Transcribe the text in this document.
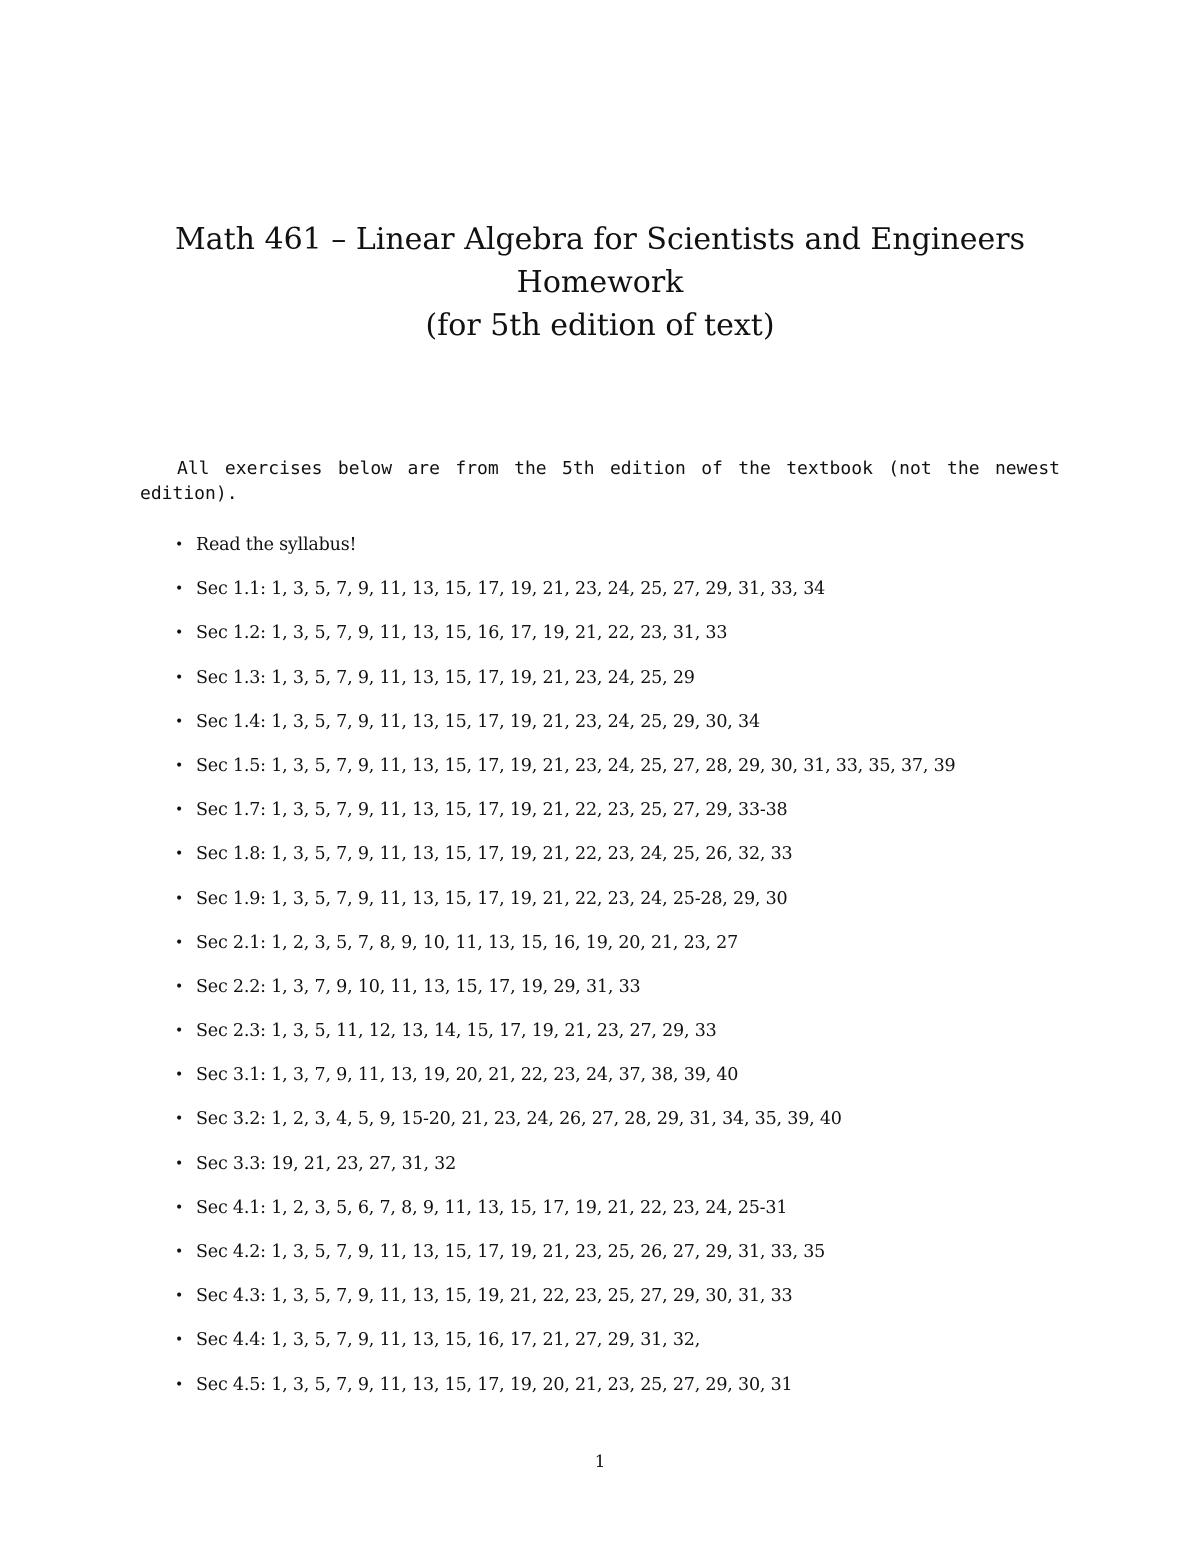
Math 461 – Linear Algebra for Scientists and Engineers
Homework
(for 5th edition of text)

All exercises below are from the 5th edition of the textbook (not the newest edition).

• Read the syllabus!
• Sec 1.1: 1, 3, 5, 7, 9, 11, 13, 15, 17, 19, 21, 23, 24, 25, 27, 29, 31, 33, 34
• Sec 1.2: 1, 3, 5, 7, 9, 11, 13, 15, 16, 17, 19, 21, 22, 23, 31, 33
• Sec 1.3: 1, 3, 5, 7, 9, 11, 13, 15, 17, 19, 21, 23, 24, 25, 29
• Sec 1.4: 1, 3, 5, 7, 9, 11, 13, 15, 17, 19, 21, 23, 24, 25, 29, 30, 34
• Sec 1.5: 1, 3, 5, 7, 9, 11, 13, 15, 17, 19, 21, 23, 24, 25, 27, 28, 29, 30, 31, 33, 35, 37, 39
• Sec 1.7: 1, 3, 5, 7, 9, 11, 13, 15, 17, 19, 21, 22, 23, 25, 27, 29, 33-38
• Sec 1.8: 1, 3, 5, 7, 9, 11, 13, 15, 17, 19, 21, 22, 23, 24, 25, 26, 32, 33
• Sec 1.9: 1, 3, 5, 7, 9, 11, 13, 15, 17, 19, 21, 22, 23, 24, 25-28, 29, 30
• Sec 2.1: 1, 2, 3, 5, 7, 8, 9, 10, 11, 13, 15, 16, 19, 20, 21, 23, 27
• Sec 2.2: 1, 3, 7, 9, 10, 11, 13, 15, 17, 19, 29, 31, 33
• Sec 2.3: 1, 3, 5, 11, 12, 13, 14, 15, 17, 19, 21, 23, 27, 29, 33
• Sec 3.1: 1, 3, 7, 9, 11, 13, 19, 20, 21, 22, 23, 24, 37, 38, 39, 40
• Sec 3.2: 1, 2, 3, 4, 5, 9, 15-20, 21, 23, 24, 26, 27, 28, 29, 31, 34, 35, 39, 40
• Sec 3.3: 19, 21, 23, 27, 31, 32
• Sec 4.1: 1, 2, 3, 5, 6, 7, 8, 9, 11, 13, 15, 17, 19, 21, 22, 23, 24, 25-31
• Sec 4.2: 1, 3, 5, 7, 9, 11, 13, 15, 17, 19, 21, 23, 25, 26, 27, 29, 31, 33, 35
• Sec 4.3: 1, 3, 5, 7, 9, 11, 13, 15, 19, 21, 22, 23, 25, 27, 29, 30, 31, 33
• Sec 4.4: 1, 3, 5, 7, 9, 11, 13, 15, 16, 17, 21, 27, 29, 31, 32,
• Sec 4.5: 1, 3, 5, 7, 9, 11, 13, 15, 17, 19, 20, 21, 23, 25, 27, 29, 30, 31
1
